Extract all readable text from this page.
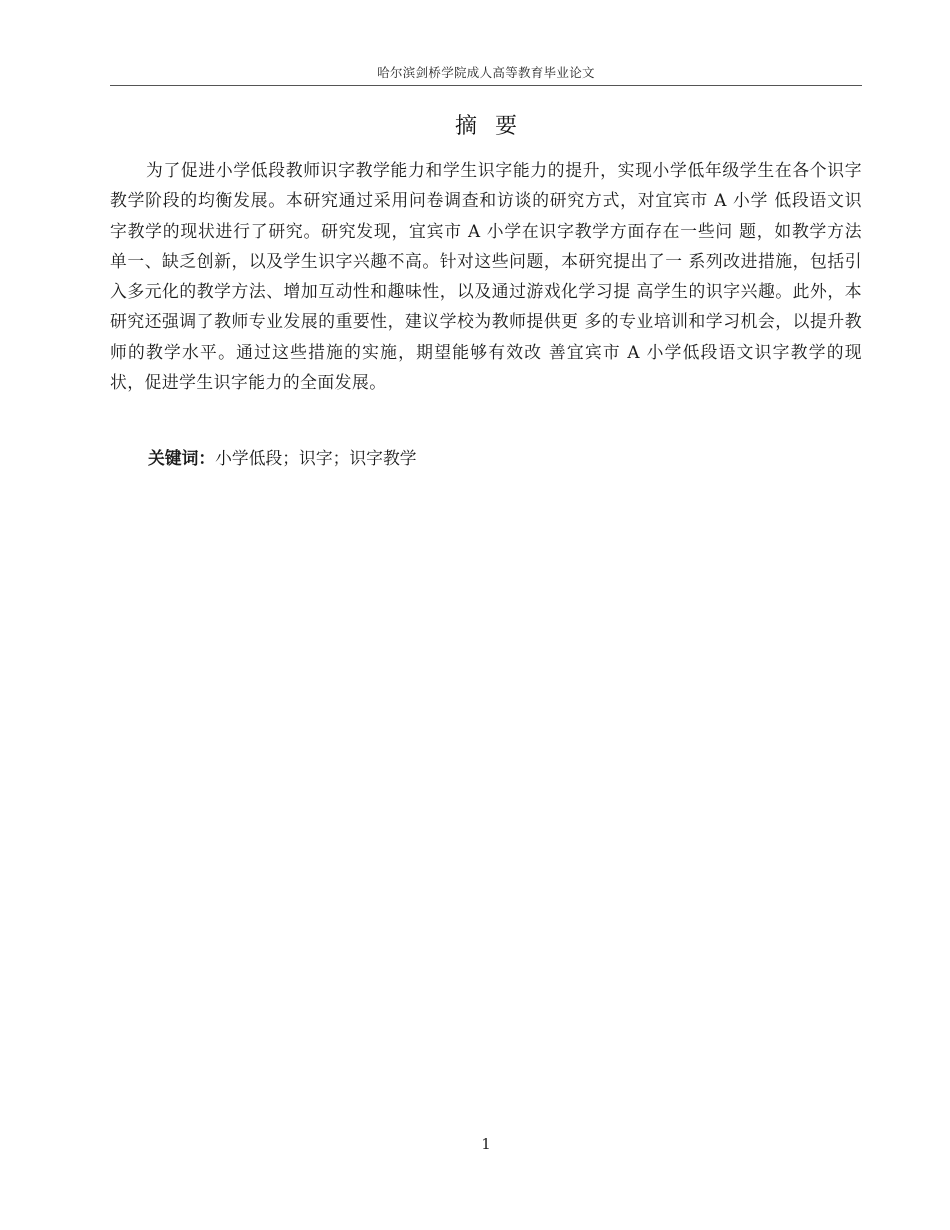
哈尔滨剑桥学院成人高等教育毕业论文
摘要

为了促进小学低段教师识字教学能力和学生识字能力的提升，实现小学低年级学生在各个识字教学阶段的均衡发展。本研究通过采用问卷调查和访谈的研究方式，对宜宾市 A 小学 低段语文识字教学的现状进行了研究。研究发现，宜宾市 A 小学在识字教学方面存在一些问 题，如教学方法单一、缺乏创新，以及学生识字兴趣不高。针对这些问题，本研究提出了一 系列改进措施，包括引入多元化的教学方法、增加互动性和趣味性，以及通过游戏化学习提 高学生的识字兴趣。此外，本研究还强调了教师专业发展的重要性，建议学校为教师提供更 多的专业培训和学习机会，以提升教师的教学水平。通过这些措施的实施，期望能够有效改 善宜宾市 A 小学低段语文识字教学的现状，促进学生识字能力的全面发展。

关键词：小学低段；识字；识字教学
1
